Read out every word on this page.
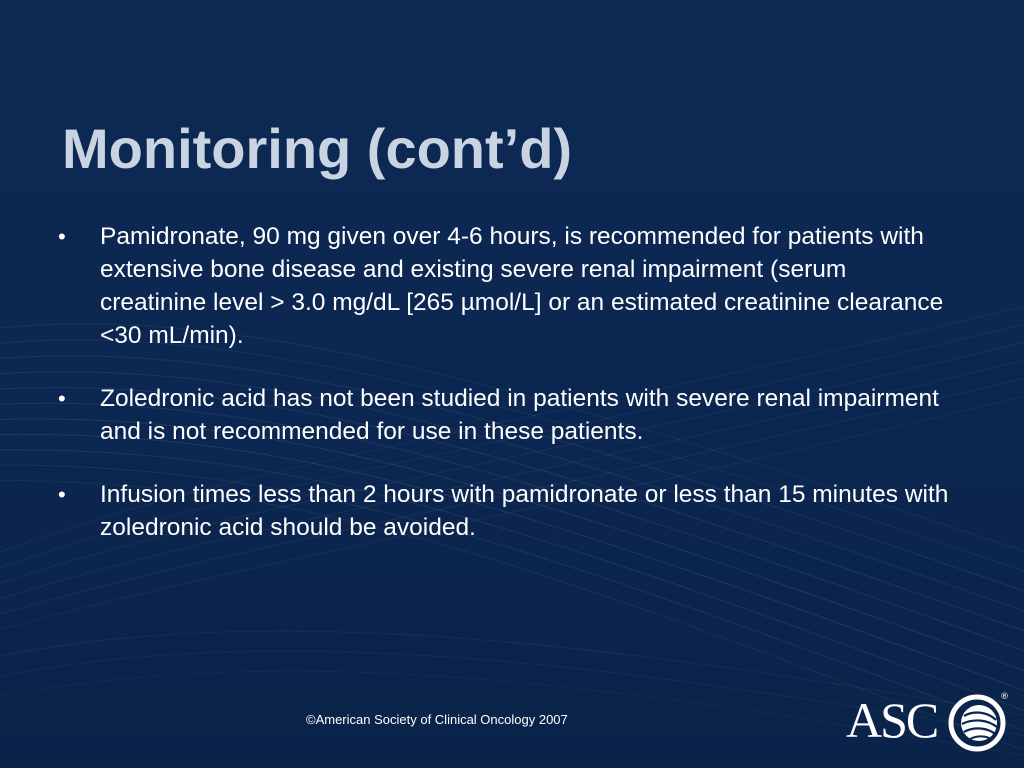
Monitoring (cont’d)
• Pamidronate, 90 mg given over 4-6 hours, is recommended for patients with extensive bone disease and existing severe renal impairment (serum creatinine level > 3.0 mg/dL [265 µmol/L] or an estimated creatinine clearance <30 mL/min).
• Zoledronic acid has not been studied in patients with severe renal impairment and is not recommended for use in these patients.
• Infusion times less than 2 hours with pamidronate or less than 15 minutes with zoledronic acid should be avoided.
©American Society of Clinical Oncology 2007	ASC	®
